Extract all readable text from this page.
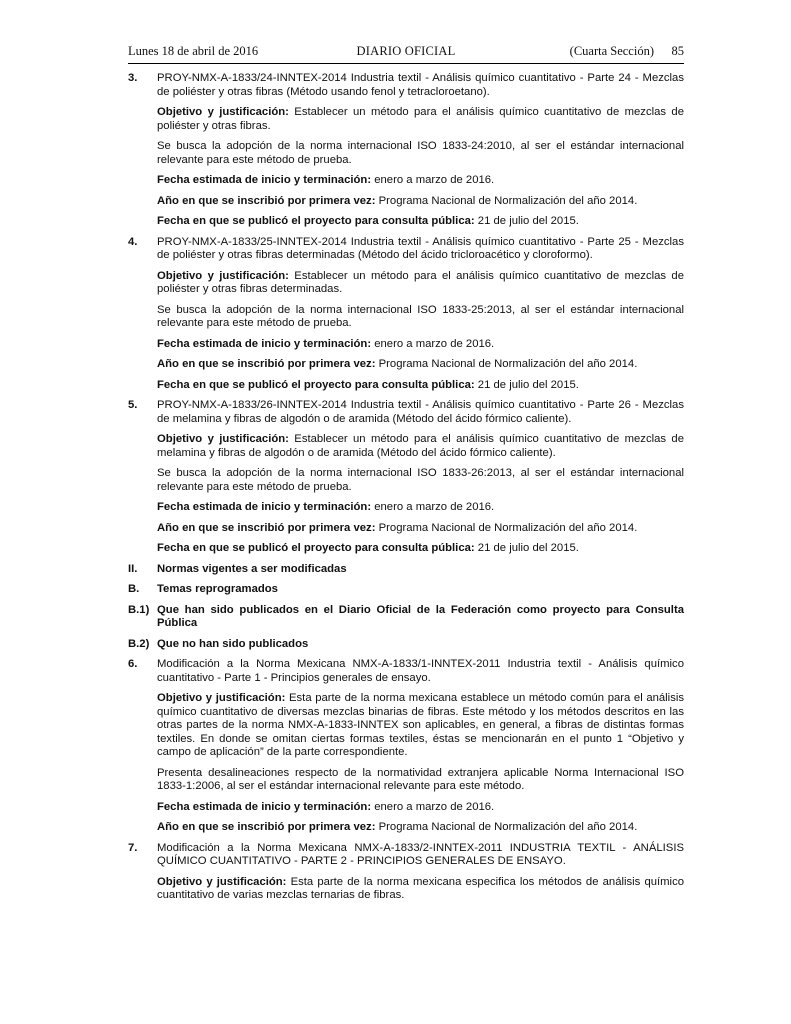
Lunes 18 de abril de 2016	DIARIO OFICIAL	(Cuarta Sección) 85
3.	PROY-NMX-A-1833/24-INNTEX-2014 Industria textil - Análisis químico cuantitativo - Parte 24 - Mezclas de poliéster y otras fibras (Método usando fenol y tetracloroetano).
Objetivo y justificación: Establecer un método para el análisis químico cuantitativo de mezclas de poliéster y otras fibras.
Se busca la adopción de la norma internacional ISO 1833-24:2010, al ser el estándar internacional relevante para este método de prueba.
Fecha estimada de inicio y terminación: enero a marzo de 2016.
Año en que se inscribió por primera vez: Programa Nacional de Normalización del año 2014.
Fecha en que se publicó el proyecto para consulta pública: 21 de julio del 2015.
4.	PROY-NMX-A-1833/25-INNTEX-2014 Industria textil - Análisis químico cuantitativo - Parte 25 - Mezclas de poliéster y otras fibras determinadas (Método del ácido tricloroacético y cloroformo).
Objetivo y justificación: Establecer un método para el análisis químico cuantitativo de mezclas de poliéster y otras fibras determinadas.
Se busca la adopción de la norma internacional ISO 1833-25:2013, al ser el estándar internacional relevante para este método de prueba.
Fecha estimada de inicio y terminación: enero a marzo de 2016.
Año en que se inscribió por primera vez: Programa Nacional de Normalización del año 2014.
Fecha en que se publicó el proyecto para consulta pública: 21 de julio del 2015.
5.	PROY-NMX-A-1833/26-INNTEX-2014 Industria textil - Análisis químico cuantitativo - Parte 26 - Mezclas de melamina y fibras de algodón o de aramida (Método del ácido fórmico caliente).
Objetivo y justificación: Establecer un método para el análisis químico cuantitativo de mezclas de melamina y fibras de algodón o de aramida (Método del ácido fórmico caliente).
Se busca la adopción de la norma internacional ISO 1833-26:2013, al ser el estándar internacional relevante para este método de prueba.
Fecha estimada de inicio y terminación: enero a marzo de 2016.
Año en que se inscribió por primera vez: Programa Nacional de Normalización del año 2014.
Fecha en que se publicó el proyecto para consulta pública: 21 de julio del 2015.
II.	Normas vigentes a ser modificadas
B.	Temas reprogramados
B.1) Que han sido publicados en el Diario Oficial de la Federación como proyecto para Consulta Pública
B.2) Que no han sido publicados
6.	Modificación a la Norma Mexicana NMX-A-1833/1-INNTEX-2011 Industria textil - Análisis químico cuantitativo - Parte 1 - Principios generales de ensayo.
Objetivo y justificación: Esta parte de la norma mexicana establece un método común para el análisis químico cuantitativo de diversas mezclas binarias de fibras. Este método y los métodos descritos en las otras partes de la norma NMX-A-1833-INNTEX son aplicables, en general, a fibras de distintas formas textiles. En donde se omitan ciertas formas textiles, éstas se mencionarán en el punto 1 “Objetivo y campo de aplicación” de la parte correspondiente.
Presenta desalineaciones respecto de la normatividad extranjera aplicable Norma Internacional ISO 1833-1:2006, al ser el estándar internacional relevante para este método.
Fecha estimada de inicio y terminación: enero a marzo de 2016.
Año en que se inscribió por primera vez: Programa Nacional de Normalización del año 2014.
7.	Modificación a la Norma Mexicana NMX-A-1833/2-INNTEX-2011 INDUSTRIA TEXTIL - ANÁLISIS QUÍMICO CUANTITATIVO - PARTE 2 - PRINCIPIOS GENERALES DE ENSAYO.
Objetivo y justificación: Esta parte de la norma mexicana especifica los métodos de análisis químico cuantitativo de varias mezclas ternarias de fibras.
